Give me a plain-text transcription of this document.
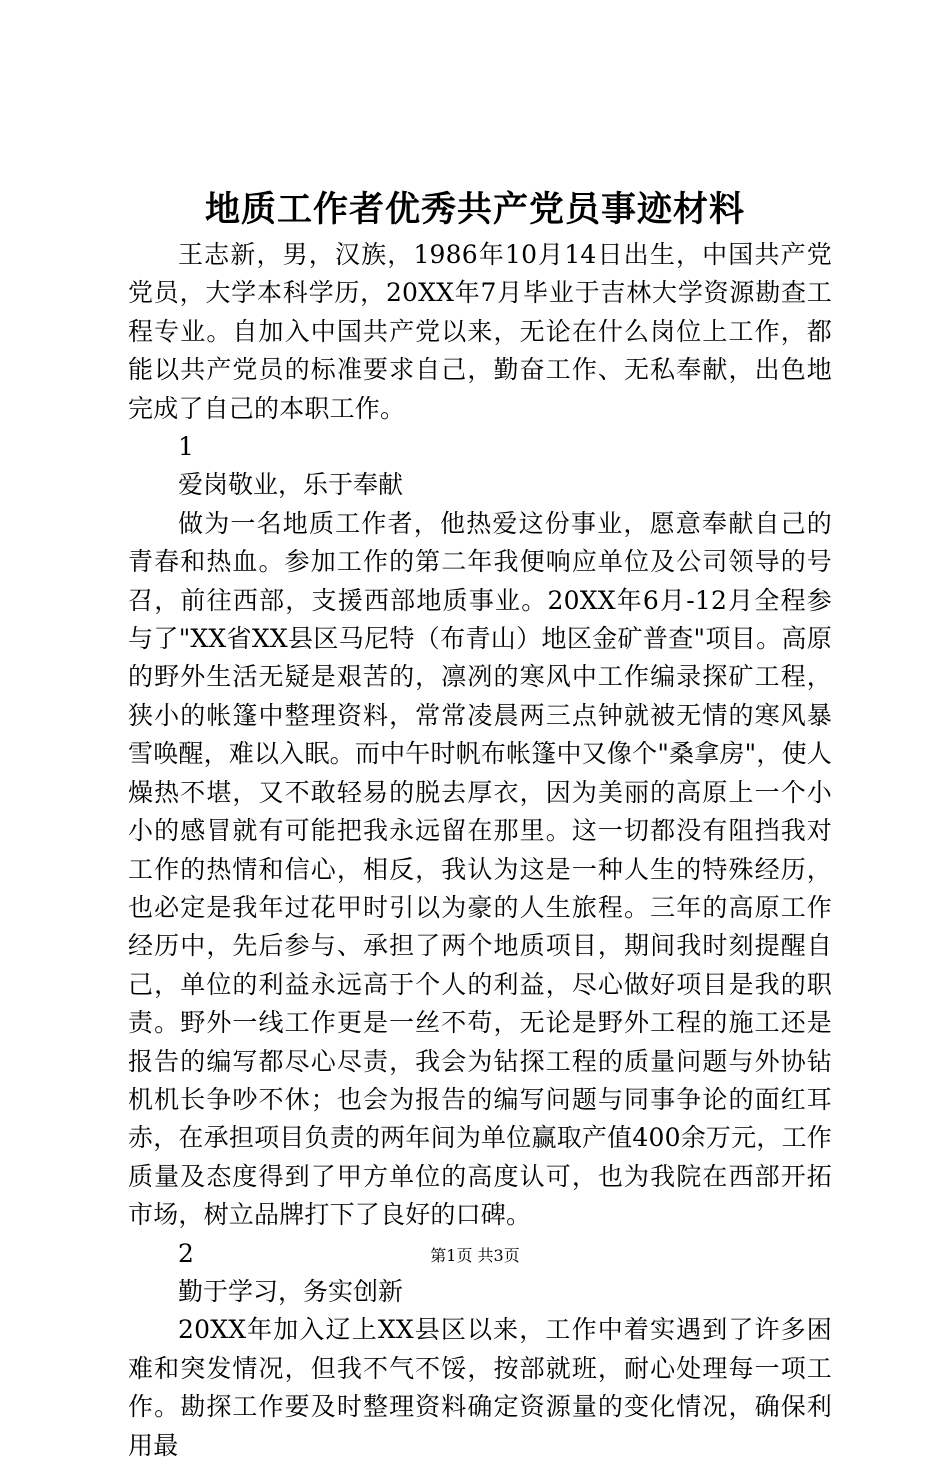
地质工作者优秀共产党员事迹材料

王志新，男，汉族，1986年10月14日出生，中国共产党党员，大学本科学历，20XX年7月毕业于吉林大学资源勘查工程专业。自加入中国共产党以来，无论在什么岗位上工作，都能以共产党员的标准要求自己，勤奋工作、无私奉献，出色地完成了自己的本职工作。

1

爱岗敬业，乐于奉献

做为一名地质工作者，他热爱这份事业，愿意奉献自己的青春和热血。参加工作的第二年我便响应单位及公司领导的号召，前往西部，支援西部地质事业。20XX年6月-12月全程参与了"XX省XX县区马尼特（布青山）地区金矿普查"项目。高原的野外生活无疑是艰苦的，凛冽的寒风中工作编录探矿工程，狭小的帐篷中整理资料，常常凌晨两三点钟就被无情的寒风暴雪唤醒，难以入眠。而中午时帆布帐篷中又像个"桑拿房"，使人燥热不堪，又不敢轻易的脱去厚衣，因为美丽的高原上一个小小的感冒就有可能把我永远留在那里。这一切都没有阻挡我对工作的热情和信心，相反，我认为这是一种人生的特殊经历，也必定是我年过花甲时引以为豪的人生旅程。三年的高原工作经历中，先后参与、承担了两个地质项目，期间我时刻提醒自己，单位的利益永远高于个人的利益，尽心做好项目是我的职责。野外一线工作更是一丝不苟，无论是野外工程的施工还是报告的编写都尽心尽责，我会为钻探工程的质量问题与外协钻机机长争吵不休；也会为报告的编写问题与同事争论的面红耳赤，在承担项目负责的两年间为单位赢取产值400余万元，工作质量及态度得到了甲方单位的高度认可，也为我院在西部开拓市场，树立品牌打下了良好的口碑。

2

勤于学习，务实创新

20XX年加入辽上XX县区以来，工作中着实遇到了许多困难和突发情况，但我不气不馁，按部就班，耐心处理每一项工作。勘探工作要及时整理资料确定资源量的变化情况，确保利用最

第1页 共3页
